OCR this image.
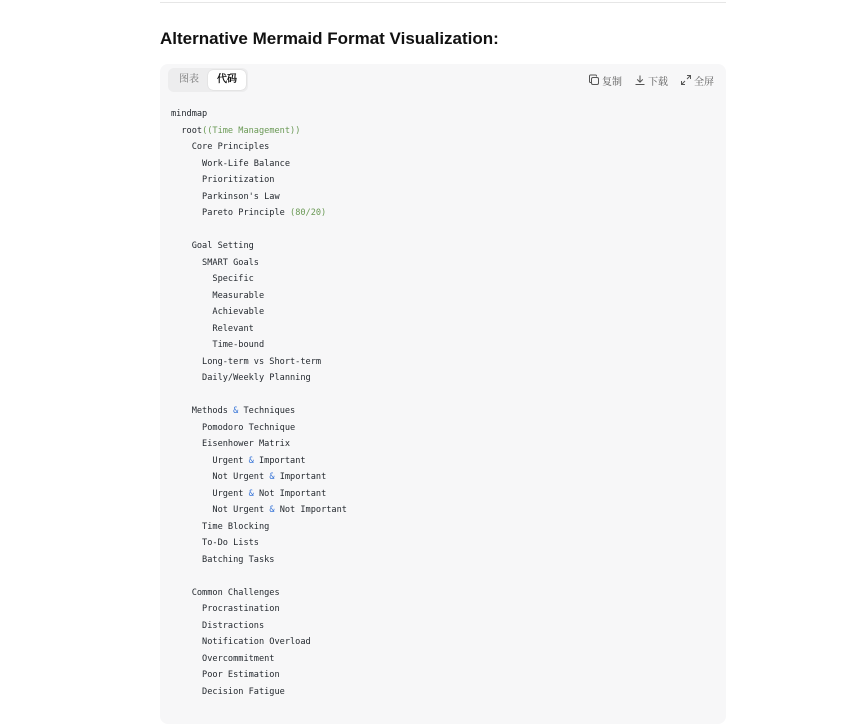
Alternative Mermaid Format Visualization:
图表	代码	复制	下载	全屏
mindmap
root((Time Management))
Core Principles
Work-Life Balance
Prioritization
Parkinson's Law
Pareto Principle (80/20)
Goal Setting
SMART Goals
Specific
Measurable
Achievable
Relevant
Time-bound
Long-term vs Short-term
Daily/Weekly Planning
Methods & Techniques
Pomodoro Technique
Eisenhower Matrix
Urgent & Important
Not Urgent & Important
Urgent & Not Important
Not Urgent & Not Important
Time Blocking
To-Do Lists
Batching Tasks
Common Challenges
Procrastination
Distractions
Notification Overload
Overcommitment
Poor Estimation
Decision Fatigue
